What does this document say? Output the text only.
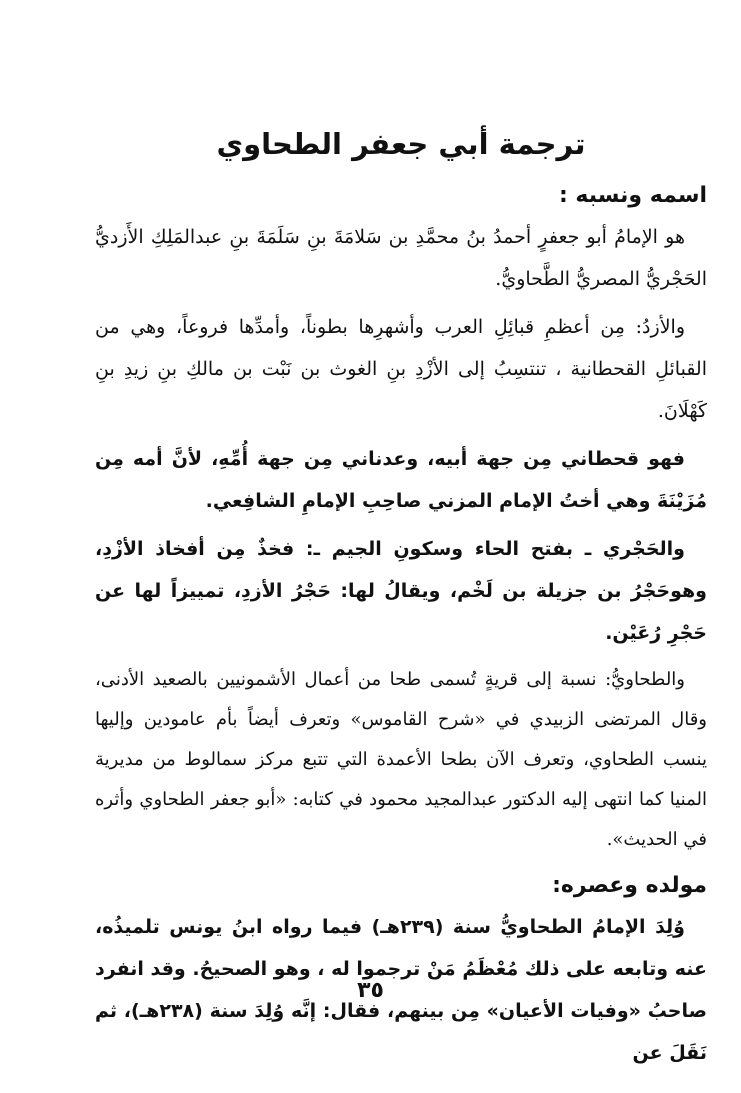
ترجمة أبي جعفر الطحاوي
اسمه ونسبه :

هو الإمامُ أبو جعفرٍ أحمدُ بنُ محمَّدِ بن سَلامَةَ بنِ سَلَمَةَ بنِ عبدالمَلِكِ الأَزديُّ الحَجْريُّ المصريُّ الطَّحاويُّ.

والأزدُ: مِن أعظمِ قبائِلِ العرب وأشهرِها بطوناً، وأمدِّها فروعاً، وهي من القبائلِ القحطانية ، تنتسِبُ إلى الأزْدِ بنِ الغوث بن نَبْت بن مالكِ بنِ زيدِ بنِ كَهْلَانَ.

فهو قحطاني مِن جهة أبيه، وعدناني مِن جهة أُمِّهِ، لأنَّ أمه مِن مُزَيْنَةَ وهي أختُ الإمام المزني صاحِبِ الإمامِ الشافِعي.

والحَجْري ـ بفتح الحاء وسكونِ الجيم ـ: فخذٌ مِن أفخاذ الأزْدِ، وهوحَجْرُ بن جزيلة بن لَخْم، ويقالُ لها: حَجْرُ الأزدِ، تمييزاً لها عن حَجْرِ رُعَيْن.

والطحاويُّ: نسبة إلى قريةٍ تُسمى طحا من أعمال الأشمونيين بالصعيد الأدنى، وقال المرتضى الزبيدي في «شرح القاموس» وتعرف أيضاً بأم عامودين وإليها ينسب الطحاوي، وتعرف الآن بطحا الأعمدة التي تتبع مركز سمالوط من مديرية المنيا كما انتهى إليه الدكتور عبدالمجيد محمود في كتابه: «أبو جعفر الطحاوي وأثره في الحديث».

مولده وعصره:

وُلِدَ الإمامُ الطحاويُّ سنة (٢٣٩هـ) فيما رواه ابنُ يونس تلميذُه، عنه وتابعه على ذلك مُعْظَمُ مَنْ ترجموا له ، وهو الصحيحُ. وقد انفرد صاحبُ «وفيات الأعيان» مِن بينهم، فقال: إنَّه وُلِدَ سنة (٢٣٨هـ)، ثم نَقَلَ عن

٣٥
